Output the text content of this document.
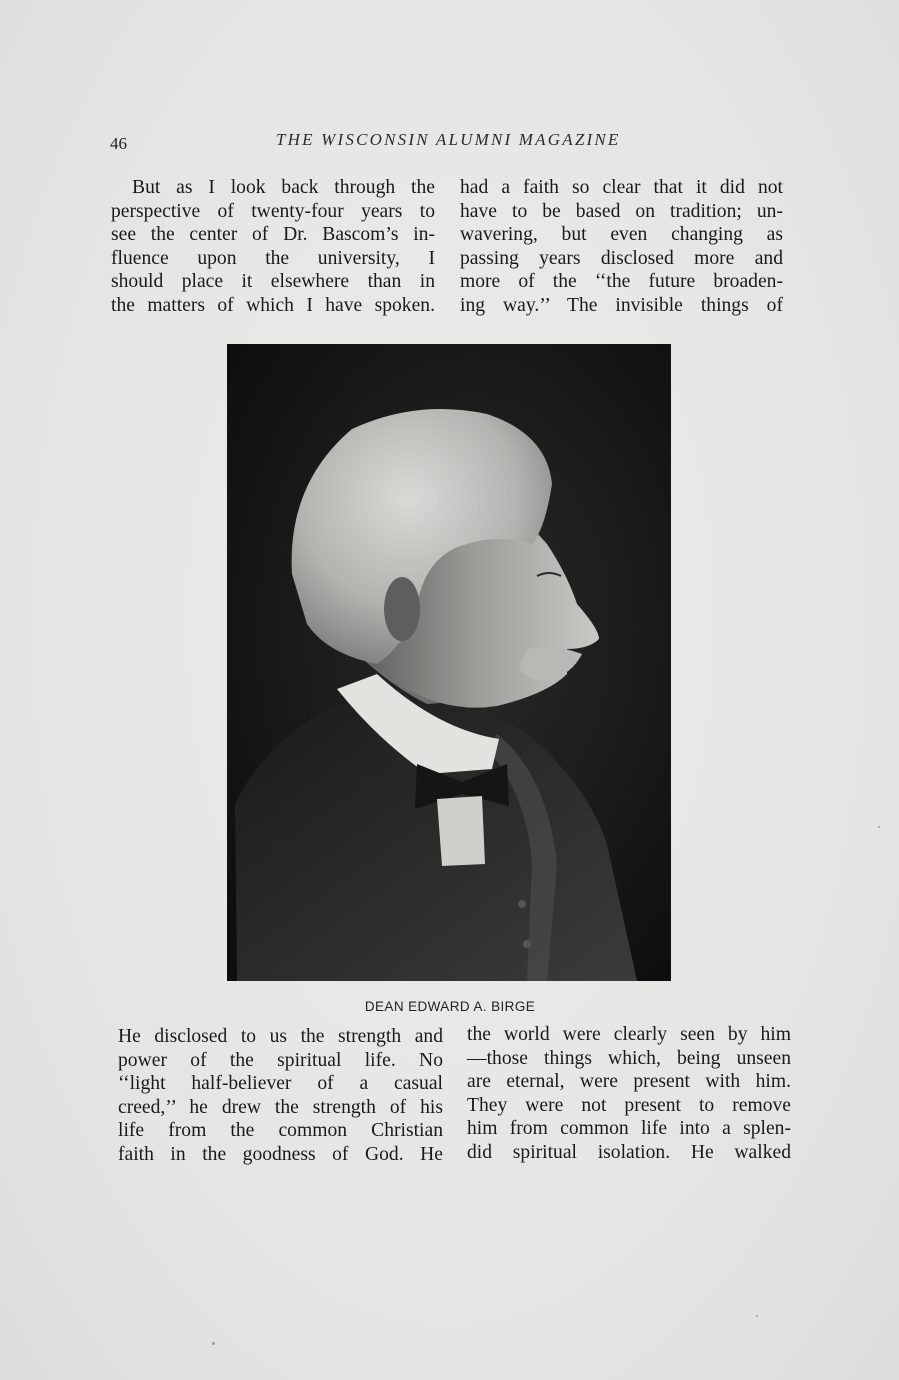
46	THE WISCONSIN ALUMNI MAGAZINE
But as I look back through the
perspective of twenty-four years to
see the center of Dr. Bascom’s in-
fluence upon the university, I
should place it elsewhere than in
the matters of which I have spoken.
had a faith so clear that it did not
have to be based on tradition; un-
wavering, but even changing as
passing years disclosed more and
more of the ‘‘the future broaden-
ing way.’’ The invisible things of
DEAN EDWARD A. BIRGE
He disclosed to us the strength and
power of the spiritual life. No
‘‘light half-believer of a casual
creed,’’ he drew the strength of his
life from the common Christian
faith in the goodness of God. He
the world were clearly seen by him
—those things which, being unseen
are eternal, were present with him.
They were not present to remove
him from common life into a splen-
did spiritual isolation. He walked
